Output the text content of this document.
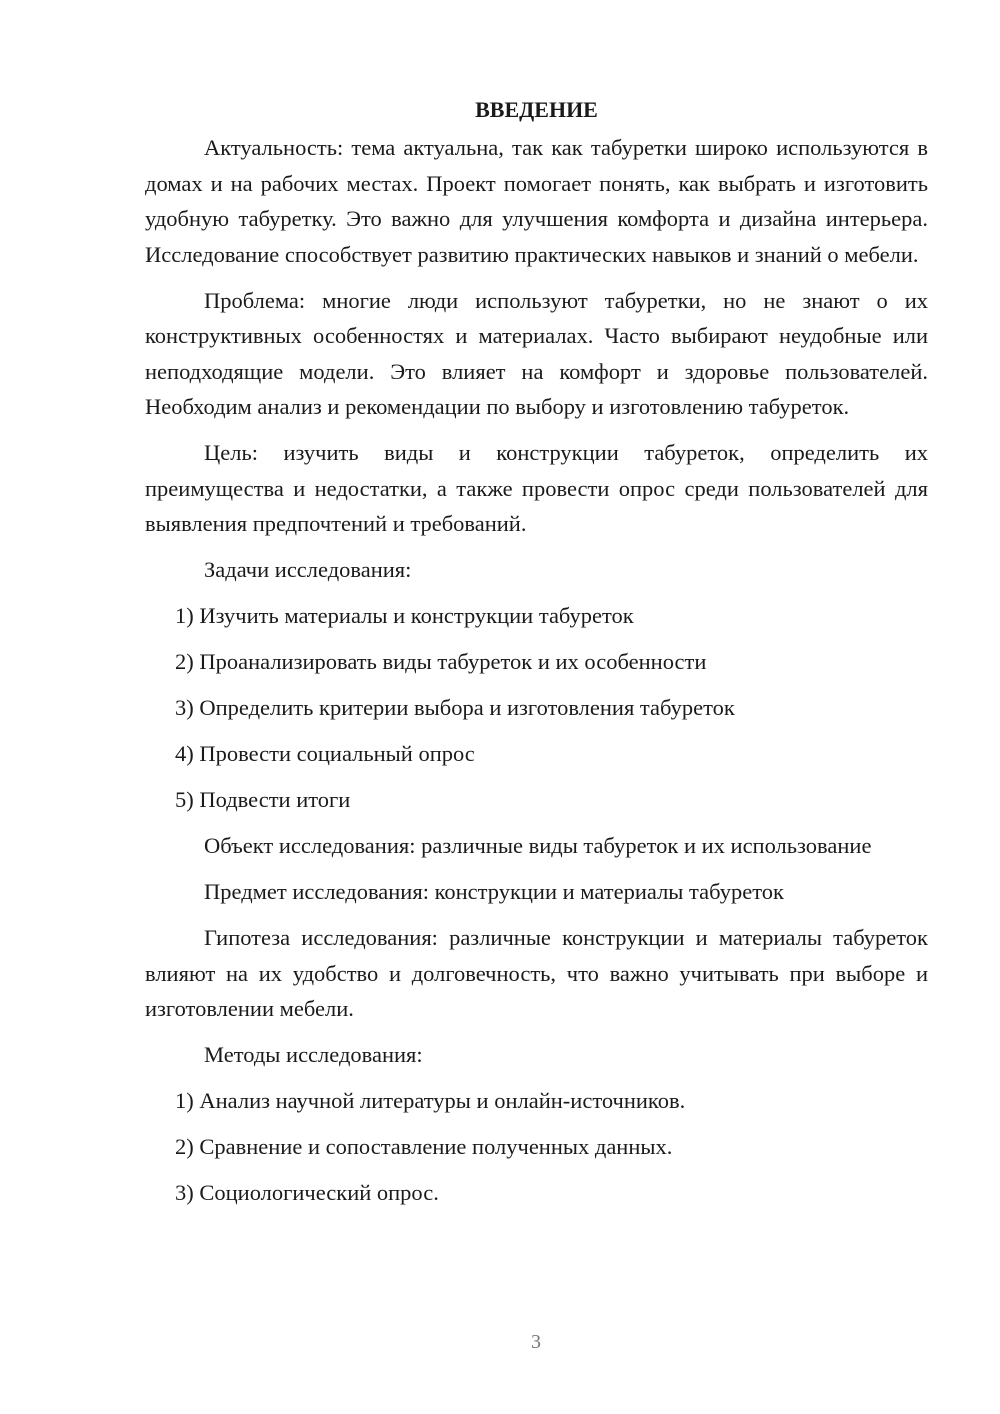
ВВЕДЕНИЕ

Актуальность: тема актуальна, так как табуретки широко используются в домах и на рабочих местах. Проект помогает понять, как выбрать и изготовить удобную табуретку. Это важно для улучшения комфорта и дизайна интерьера. Исследование способствует развитию практических навыков и знаний о мебели.

Проблема: многие люди используют табуретки, но не знают о их конструктивных особенностях и материалах. Часто выбирают неудобные или неподходящие модели. Это влияет на комфорт и здоровье пользователей. Необходим анализ и рекомендации по выбору и изготовлению табуреток.

Цель: изучить виды и конструкции табуреток, определить их преимущества и недостатки, а также провести опрос среди пользователей для выявления предпочтений и требований.

Задачи исследования:

1) Изучить материалы и конструкции табуреток

2) Проанализировать виды табуреток и их особенности

3) Определить критерии выбора и изготовления табуреток

4) Провести социальный опрос

5) Подвести итоги

Объект исследования: различные виды табуреток и их использование

Предмет исследования: конструкции и материалы табуреток

Гипотеза исследования: различные конструкции и материалы табуреток влияют на их удобство и долговечность, что важно учитывать при выборе и изготовлении мебели.

Методы исследования:

1) Анализ научной литературы и онлайн-источников.

2) Сравнение и сопоставление полученных данных.

3) Социологический опрос.

3
